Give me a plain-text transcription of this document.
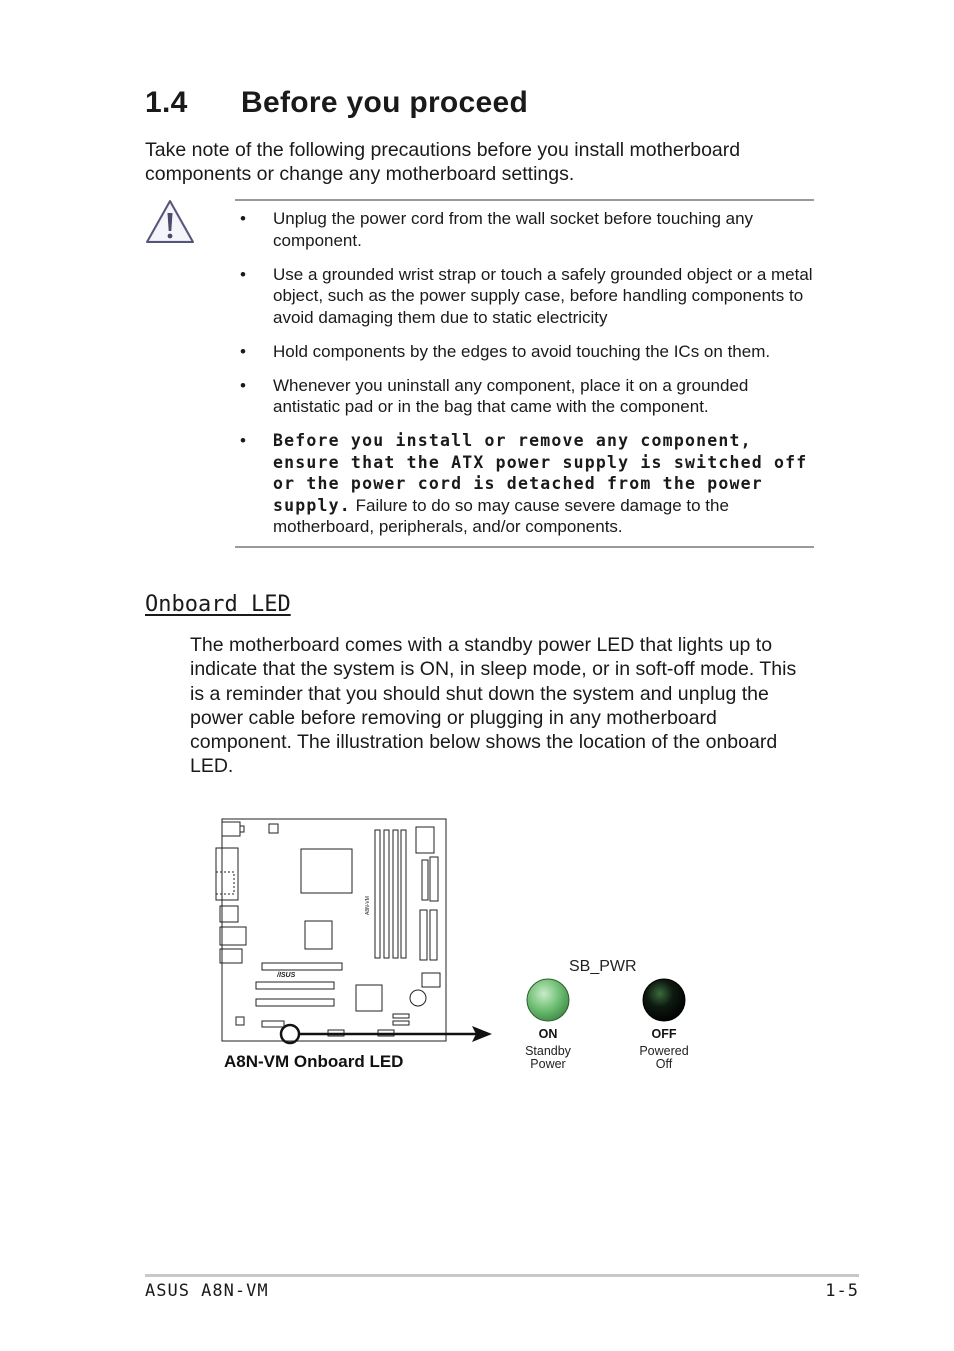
1.4 Before you proceed
Take note of the following precautions before you install motherboard components or change any motherboard settings.
• Unplug the power cord from the wall socket before touching any component.
• Use a grounded wrist strap or touch a safely grounded object or a metal object, such as the power supply case, before handling components to avoid damaging them due to static electricity
• Hold components by the edges to avoid touching the ICs on them.
• Whenever you uninstall any component, place it on a grounded antistatic pad or in the bag that came with the component.
• Before you install or remove any component, ensure that the ATX power supply is switched off or the power cord is detached from the power supply. Failure to do so may cause severe damage to the motherboard, peripherals, and/or components.
Onboard LED
The motherboard comes with a standby power LED that lights up to indicate that the system is ON, in sleep mode, or in soft-off mode. This is a reminder that you should shut down the system and unplug the power cable before removing or plugging in any motherboard component. The illustration below shows the location of the onboard LED.
A8N-VM
/ISUS
A8N-VM Onboard LED
SB_PWR
ON
Standby
Power
OFF
Powered
Off
ASUS A8N-VM	1-5
